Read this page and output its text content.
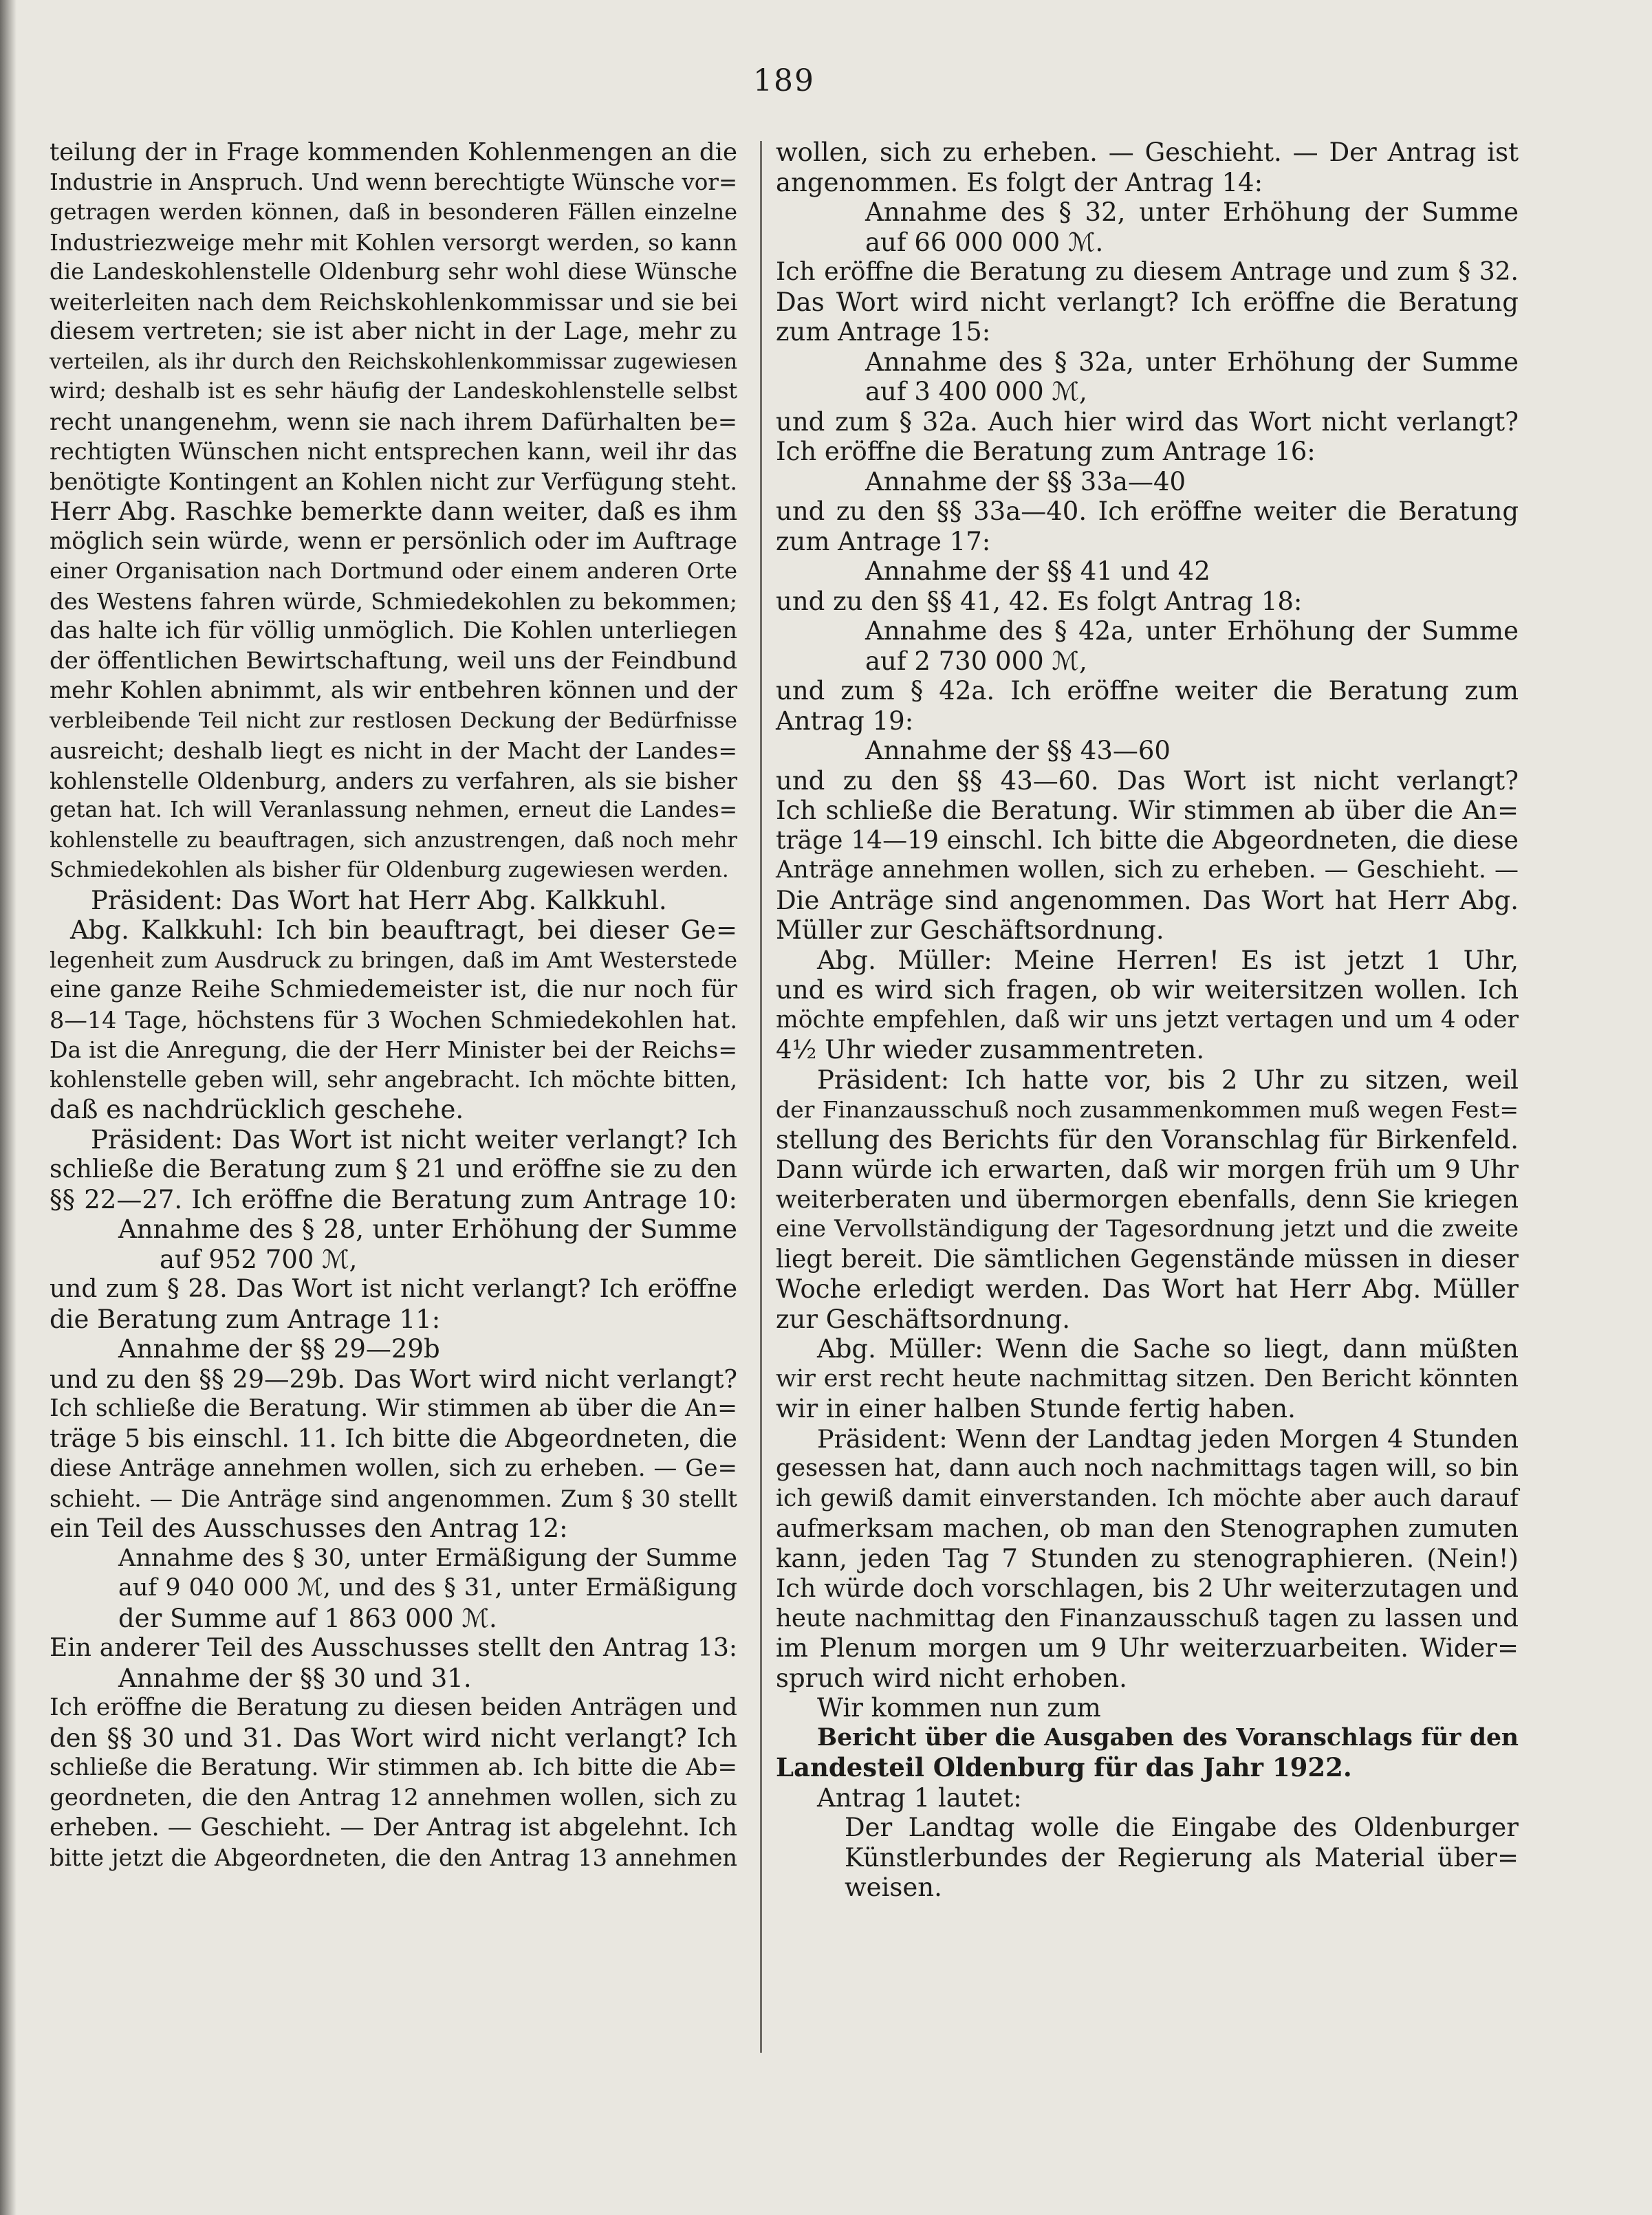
189
teilung der in Frage kommenden Kohlenmengen an die
Industrie in Anspruch. Und wenn berechtigte Wünsche vor=
getragen werden können, daß in besonderen Fällen einzelne
Industriezweige mehr mit Kohlen versorgt werden, so kann
die Landeskohlenstelle Oldenburg sehr wohl diese Wünsche
weiterleiten nach dem Reichskohlenkommissar und sie bei
diesem vertreten; sie ist aber nicht in der Lage, mehr zu
verteilen, als ihr durch den Reichskohlenkommissar zugewiesen
wird; deshalb ist es sehr häufig der Landeskohlenstelle selbst
recht unangenehm, wenn sie nach ihrem Dafürhalten be=
rechtigten Wünschen nicht entsprechen kann, weil ihr das
benötigte Kontingent an Kohlen nicht zur Verfügung steht.
Herr Abg. Raschke bemerkte dann weiter, daß es ihm
möglich sein würde, wenn er persönlich oder im Auftrage
einer Organisation nach Dortmund oder einem anderen Orte
des Westens fahren würde, Schmiedekohlen zu bekommen;
das halte ich für völlig unmöglich. Die Kohlen unterliegen
der öffentlichen Bewirtschaftung, weil uns der Feindbund
mehr Kohlen abnimmt, als wir entbehren können und der
verbleibende Teil nicht zur restlosen Deckung der Bedürfnisse
ausreicht; deshalb liegt es nicht in der Macht der Landes=
kohlenstelle Oldenburg, anders zu verfahren, als sie bisher
getan hat. Ich will Veranlassung nehmen, erneut die Landes=
kohlenstelle zu beauftragen, sich anzustrengen, daß noch mehr
Schmiedekohlen als bisher für Oldenburg zugewiesen werden.
Präsident: Das Wort hat Herr Abg. Kalkkuhl.
Abg. Kalkkuhl: Ich bin beauftragt, bei dieser Ge=
legenheit zum Ausdruck zu bringen, daß im Amt Westerstede
eine ganze Reihe Schmiedemeister ist, die nur noch für
8—14 Tage, höchstens für 3 Wochen Schmiedekohlen hat.
Da ist die Anregung, die der Herr Minister bei der Reichs=
kohlenstelle geben will, sehr angebracht. Ich möchte bitten,
daß es nachdrücklich geschehe.
Präsident: Das Wort ist nicht weiter verlangt? Ich
schließe die Beratung zum § 21 und eröffne sie zu den
§§ 22—27. Ich eröffne die Beratung zum Antrage 10:
Annahme des § 28, unter Erhöhung der Summe
auf 952 700 ℳ,
und zum § 28. Das Wort ist nicht verlangt? Ich eröffne
die Beratung zum Antrage 11:
Annahme der §§ 29—29b
und zu den §§ 29—29b. Das Wort wird nicht verlangt?
Ich schließe die Beratung. Wir stimmen ab über die An=
träge 5 bis einschl. 11. Ich bitte die Abgeordneten, die
diese Anträge annehmen wollen, sich zu erheben. — Ge=
schieht. — Die Anträge sind angenommen. Zum § 30 stellt
ein Teil des Ausschusses den Antrag 12:
Annahme des § 30, unter Ermäßigung der Summe
auf 9 040 000 ℳ, und des § 31, unter Ermäßigung
der Summe auf 1 863 000 ℳ.
Ein anderer Teil des Ausschusses stellt den Antrag 13:
Annahme der §§ 30 und 31.
Ich eröffne die Beratung zu diesen beiden Anträgen und
den §§ 30 und 31. Das Wort wird nicht verlangt? Ich
schließe die Beratung. Wir stimmen ab. Ich bitte die Ab=
geordneten, die den Antrag 12 annehmen wollen, sich zu
erheben. — Geschieht. — Der Antrag ist abgelehnt. Ich
bitte jetzt die Abgeordneten, die den Antrag 13 annehmen
wollen, sich zu erheben. — Geschieht. — Der Antrag ist
angenommen. Es folgt der Antrag 14:
Annahme des § 32, unter Erhöhung der Summe
auf 66 000 000 ℳ.
Ich eröffne die Beratung zu diesem Antrage und zum § 32.
Das Wort wird nicht verlangt? Ich eröffne die Beratung
zum Antrage 15:
Annahme des § 32a, unter Erhöhung der Summe
auf 3 400 000 ℳ,
und zum § 32a. Auch hier wird das Wort nicht verlangt?
Ich eröffne die Beratung zum Antrage 16:
Annahme der §§ 33a—40
und zu den §§ 33a—40. Ich eröffne weiter die Beratung
zum Antrage 17:
Annahme der §§ 41 und 42
und zu den §§ 41, 42. Es folgt Antrag 18:
Annahme des § 42a, unter Erhöhung der Summe
auf 2 730 000 ℳ,
und zum § 42a. Ich eröffne weiter die Beratung zum
Antrag 19:
Annahme der §§ 43—60
und zu den §§ 43—60. Das Wort ist nicht verlangt?
Ich schließe die Beratung. Wir stimmen ab über die An=
träge 14—19 einschl. Ich bitte die Abgeordneten, die diese
Anträge annehmen wollen, sich zu erheben. — Geschieht. —
Die Anträge sind angenommen. Das Wort hat Herr Abg.
Müller zur Geschäftsordnung.
Abg. Müller: Meine Herren! Es ist jetzt 1 Uhr,
und es wird sich fragen, ob wir weitersitzen wollen. Ich
möchte empfehlen, daß wir uns jetzt vertagen und um 4 oder
4½ Uhr wieder zusammentreten.
Präsident: Ich hatte vor, bis 2 Uhr zu sitzen, weil
der Finanzausschuß noch zusammenkommen muß wegen Fest=
stellung des Berichts für den Voranschlag für Birkenfeld.
Dann würde ich erwarten, daß wir morgen früh um 9 Uhr
weiterberaten und übermorgen ebenfalls, denn Sie kriegen
eine Vervollständigung der Tagesordnung jetzt und die zweite
liegt bereit. Die sämtlichen Gegenstände müssen in dieser
Woche erledigt werden. Das Wort hat Herr Abg. Müller
zur Geschäftsordnung.
Abg. Müller: Wenn die Sache so liegt, dann müßten
wir erst recht heute nachmittag sitzen. Den Bericht könnten
wir in einer halben Stunde fertig haben.
Präsident: Wenn der Landtag jeden Morgen 4 Stunden
gesessen hat, dann auch noch nachmittags tagen will, so bin
ich gewiß damit einverstanden. Ich möchte aber auch darauf
aufmerksam machen, ob man den Stenographen zumuten
kann, jeden Tag 7 Stunden zu stenographieren. (Nein!)
Ich würde doch vorschlagen, bis 2 Uhr weiterzutagen und
heute nachmittag den Finanzausschuß tagen zu lassen und
im Plenum morgen um 9 Uhr weiterzuarbeiten. Wider=
spruch wird nicht erhoben.
Wir kommen nun zum
Bericht über die Ausgaben des Voranschlags für den
Landesteil Oldenburg für das Jahr 1922.
Antrag 1 lautet:
Der Landtag wolle die Eingabe des Oldenburger
Künstlerbundes der Regierung als Material über=
weisen.
